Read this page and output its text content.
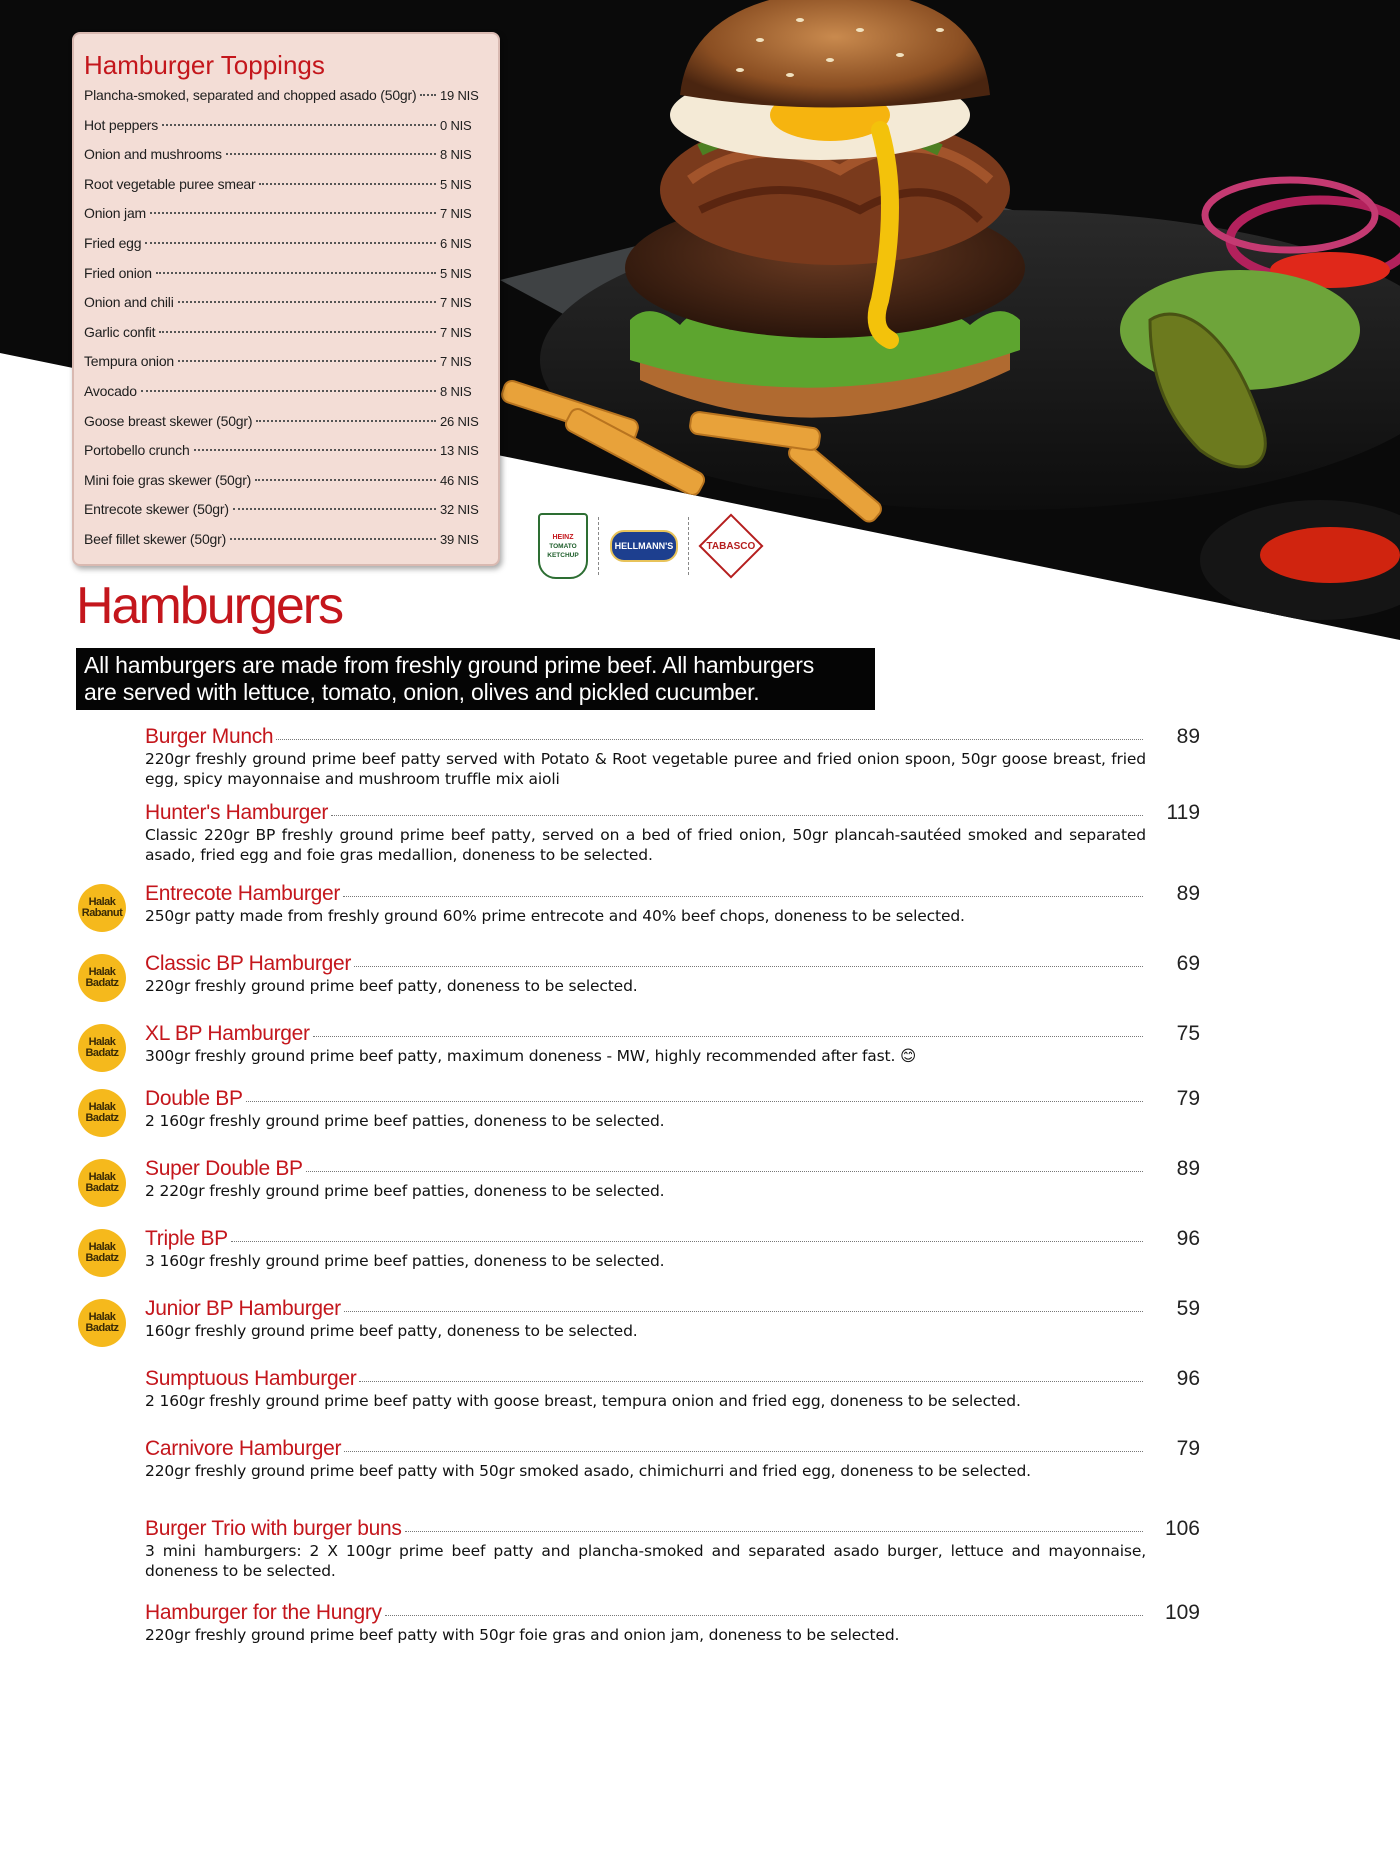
Hamburger Toppings
Plancha-smoked, separated and chopped asado (50gr) 19 NIS
Hot peppers	0 NIS
Onion and mushrooms	8 NIS
Root vegetable puree smear	5 NIS
Onion jam	7 NIS
Fried egg	6 NIS
Fried onion	5 NIS
Onion and chili	7 NIS
Garlic confit	7 NIS
Tempura onion	7 NIS
Avocado	8 NIS
Goose breast skewer (50gr)	26 NIS
Portobello crunch	13 NIS
Mini foie gras skewer (50gr)	46 NIS
Entrecote skewer (50gr)	32 NIS
Beef fillet skewer (50gr)	39 NIS	HEINZ
TOMATO
KETCHUP
HELLMANN'S	TABASCO
Hamburgers
All hamburgers are made from freshly ground prime beef. All hamburgers
are served with lettuce, tomato, onion, olives and pickled cucumber.
Burger Munch	89
220gr freshly ground prime beef patty served with Potato & Root vegetable puree and fried onion spoon, 50gr goose breast, fried egg, spicy mayonnaise and mushroom truffle mix aioli
Hunter's Hamburger	119
Classic 220gr BP freshly ground prime beef patty, served on a bed of fried onion, 50gr plancah-sautéed smoked and separated asado, fried egg and foie gras medallion, doneness to be selected.
Entrecote Hamburger	89
250gr patty made from freshly ground 60% prime entrecote and 40% beef chops, doneness to be selected.
Halak
Rabanut
Classic BP Hamburger	69
220gr freshly ground prime beef patty, doneness to be selected.
Halak
Badatz
XL BP Hamburger	75
300gr freshly ground prime beef patty, maximum doneness - MW, highly recommended after fast. 😊
Halak
Badatz
Double BP	79
2 160gr freshly ground prime beef patties, doneness to be selected.
Halak
Badatz
Super Double BP	89
2 220gr freshly ground prime beef patties, doneness to be selected.
Halak
Badatz
Triple BP	96
3 160gr freshly ground prime beef patties, doneness to be selected.
Halak
Badatz
Junior BP Hamburger	59
160gr freshly ground prime beef patty, doneness to be selected.
Halak
Badatz
Sumptuous Hamburger	96
2 160gr freshly ground prime beef patty with goose breast, tempura onion and fried egg, doneness to be selected.
Carnivore Hamburger	79
220gr freshly ground prime beef patty with 50gr smoked asado, chimichurri and fried egg, doneness to be selected.
Burger Trio with burger buns	106
3 mini hamburgers: 2 X 100gr prime beef patty and plancha-smoked and separated asado burger, lettuce and mayonnaise, doneness to be selected.
Hamburger for the Hungry	109
220gr freshly ground prime beef patty with 50gr foie gras and onion jam, doneness to be selected.
